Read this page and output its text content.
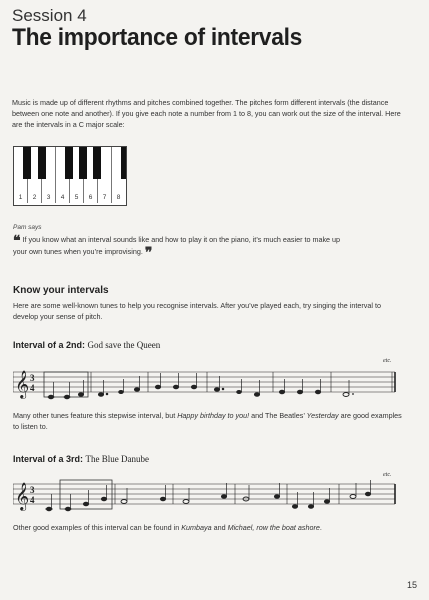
Session 4
The importance of intervals
Music is made up of different rhythms and pitches combined together. The pitches form different intervals (the distance between one note and another). If you give each note a number from 1 to 8, you can work out the size of the interval. Here are the intervals in a C major scale:
1	2	3	4	5	6	7	8
Pam says
❝ If you know what an interval sounds like and how to play it on the piano, it’s much easier to make up your own tunes when you’re improvising. ❞
Know your intervals
Here are some well-known tunes to help you recognise intervals. After you’ve played each, try singing the interval to develop your sense of pitch.
Interval of a 2nd: God save the Queen
etc.
𝄞 3
4
Many other tunes feature this stepwise interval, but Happy birthday to you! and The Beatles’ Yesterday are good examples to listen to.
Interval of a 3rd: The Blue Danube
etc.
𝄞 3
4
Other good examples of this interval can be found in Kumbaya and Michael, row the boat ashore.
15
